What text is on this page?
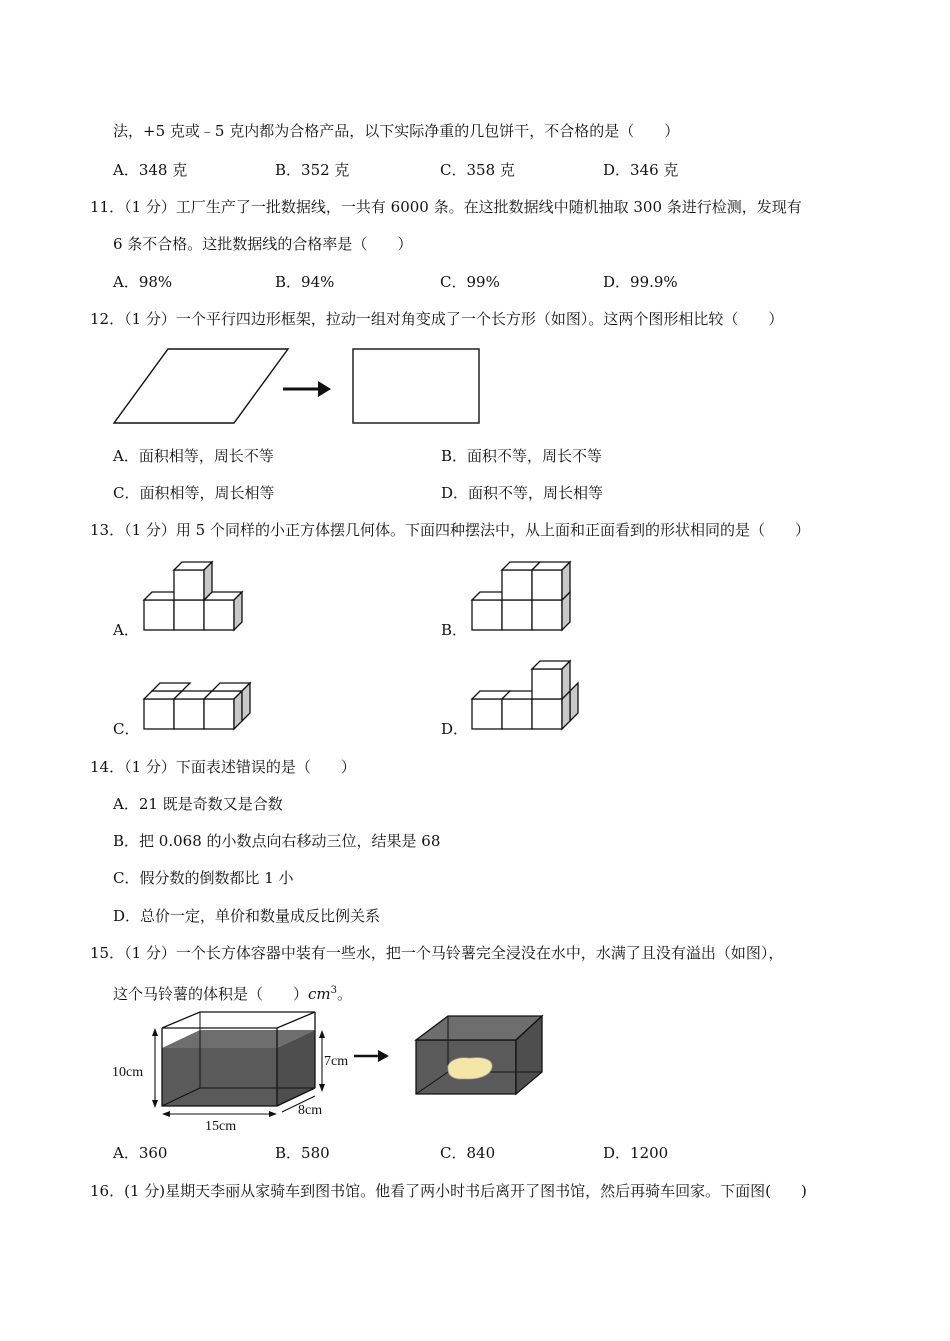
法，+5 克或﹣5 克内都为合格产品，以下实际净重的几包饼干，不合格的是（　　）
A．348 克	B．352 克	C．358 克	D．346 克
11．（1 分）工厂生产了一批数据线，一共有 6000 条。在这批数据线中随机抽取 300 条进行检测，发现有
6 条不合格。这批数据线的合格率是（　　）
A．98%	B．94%	C．99%	D．99.9%
12．（1 分）一个平行四边形框架，拉动一组对角变成了一个长方形（如图）。这两个图形相比较（　　）
A．面积相等，周长不等	B．面积不等，周长不等
C．面积相等，周长相等	D．面积不等，周长相等
13．（1 分）用 5 个同样的小正方体摆几何体。下面四种摆法中，从上面和正面看到的形状相同的是（　　）
A．	B．
C．	D．
14．（1 分）下面表述错误的是（　　）
A．21 既是奇数又是合数
B．把 0.068 的小数点向右移动三位，结果是 68
C．假分数的倒数都比 1 小
D．总价一定，单价和数量成反比例关系
15．（1 分）一个长方体容器中装有一些水，把一个马铃薯完全浸没在水中，水满了且没有溢出（如图），
这个马铃薯的体积是（　　）$cm^3$。
10cm
7cm
15cm
8cm
A．360	B．580	C．840	D．1200
16．(1 分)星期天李丽从家骑车到图书馆。他看了两小时书后离开了图书馆，然后再骑车回家。下面图(　　)
